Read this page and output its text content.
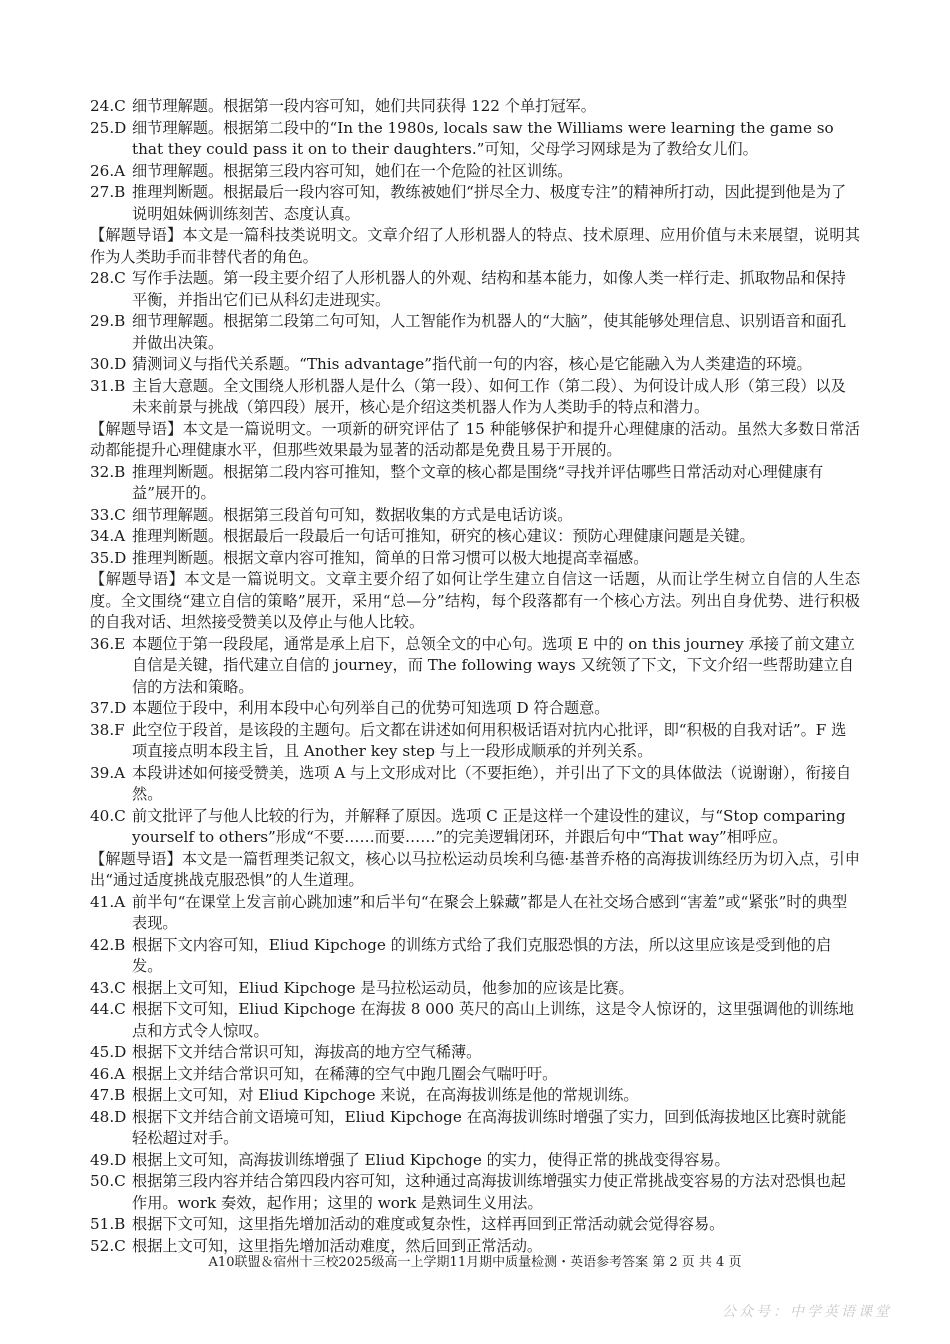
24.C 细节理解题。根据第一段内容可知，她们共同获得 122 个单打冠军。
25.D 细节理解题。根据第二段中的“In the 1980s, locals saw the Williams were learning the game so that they could pass it on to their daughters.”可知，父母学习网球是为了教给女儿们。
26.A 细节理解题。根据第三段内容可知，她们在一个危险的社区训练。
27.B 推理判断题。根据最后一段内容可知，教练被她们“拼尽全力、极度专注”的精神所打动，因此提到他是为了说明姐妹俩训练刻苦、态度认真。
【解题导语】本文是一篇科技类说明文。文章介绍了人形机器人的特点、技术原理、应用价值与未来展望，说明其作为人类助手而非替代者的角色。
28.C 写作手法题。第一段主要介绍了人形机器人的外观、结构和基本能力，如像人类一样行走、抓取物品和保持平衡，并指出它们已从科幻走进现实。
29.B 细节理解题。根据第二段第二句可知，人工智能作为机器人的“大脑”，使其能够处理信息、识别语音和面孔并做出决策。
30.D 猜测词义与指代关系题。“This advantage”指代前一句的内容，核心是它能融入为人类建造的环境。
31.B 主旨大意题。全文围绕人形机器人是什么（第一段）、如何工作（第二段）、为何设计成人形（第三段）以及未来前景与挑战（第四段）展开，核心是介绍这类机器人作为人类助手的特点和潜力。
【解题导语】本文是一篇说明文。一项新的研究评估了 15 种能够保护和提升心理健康的活动。虽然大多数日常活动都能提升心理健康水平，但那些效果最为显著的活动都是免费且易于开展的。
32.B 推理判断题。根据第二段内容可推知，整个文章的核心都是围绕“寻找并评估哪些日常活动对心理健康有益”展开的。
33.C 细节理解题。根据第三段首句可知，数据收集的方式是电话访谈。
34.A 推理判断题。根据最后一段最后一句话可推知，研究的核心建议：预防心理健康问题是关键。
35.D 推理判断题。根据文章内容可推知，简单的日常习惯可以极大地提高幸福感。
【解题导语】本文是一篇说明文。文章主要介绍了如何让学生建立自信这一话题，从而让学生树立自信的人生态度。全文围绕“建立自信的策略”展开，采用“总—分”结构，每个段落都有一个核心方法。列出自身优势、进行积极的自我对话、坦然接受赞美以及停止与他人比较。
36.E 本题位于第一段段尾，通常是承上启下，总领全文的中心句。选项 E 中的 on this journey 承接了前文建立自信是关键，指代建立自信的 journey，而 The following ways 又统领了下文，下文介绍一些帮助建立自信的方法和策略。
37.D 本题位于段中，利用本段中心句列举自己的优势可知选项 D 符合题意。
38.F 此空位于段首，是该段的主题句。后文都在讲述如何用积极话语对抗内心批评，即“积极的自我对话”。F 选项直接点明本段主旨，且 Another key step 与上一段形成顺承的并列关系。
39.A 本段讲述如何接受赞美，选项 A 与上文形成对比（不要拒绝），并引出了下文的具体做法（说谢谢），衔接自然。
40.C 前文批评了与他人比较的行为，并解释了原因。选项 C 正是这样一个建设性的建议，与“Stop comparing yourself to others”形成“不要……而要……”的完美逻辑闭环，并跟后句中“That way”相呼应。
【解题导语】本文是一篇哲理类记叙文，核心以马拉松运动员埃利乌德·基普乔格的高海拔训练经历为切入点，引申出“通过适度挑战克服恐惧”的人生道理。
41.A 前半句“在课堂上发言前心跳加速”和后半句“在聚会上躲藏”都是人在社交场合感到“害羞”或“紧张”时的典型表现。
42.B 根据下文内容可知，Eliud Kipchoge 的训练方式给了我们克服恐惧的方法，所以这里应该是受到他的启发。
43.C 根据上文可知，Eliud Kipchoge 是马拉松运动员，他参加的应该是比赛。
44.C 根据下文可知，Eliud Kipchoge 在海拔 8 000 英尺的高山上训练，这是令人惊讶的，这里强调他的训练地点和方式令人惊叹。
45.D 根据下文并结合常识可知，海拔高的地方空气稀薄。
46.A 根据上文并结合常识可知，在稀薄的空气中跑几圈会气喘吁吁。
47.B 根据上文可知，对 Eliud Kipchoge 来说，在高海拔训练是他的常规训练。
48.D 根据下文并结合前文语境可知，Eliud Kipchoge 在高海拔训练时增强了实力，回到低海拔地区比赛时就能轻松超过对手。
49.D 根据上文可知，高海拔训练增强了 Eliud Kipchoge 的实力，使得正常的挑战变得容易。
50.C 根据第三段内容并结合第四段内容可知，这种通过高海拔训练增强实力使正常挑战变容易的方法对恐惧也起作用。work 奏效，起作用；这里的 work 是熟词生义用法。
51.B 根据下文可知，这里指先增加活动的难度或复杂性，这样再回到正常活动就会觉得容易。
52.C 根据上文可知，这里指先增加活动难度，然后回到正常活动。
A10联盟＆宿州十三校2025级高一上学期11月期中质量检测・英语参考答案 第 2 页 共 4 页
公众号：中学英语课堂
